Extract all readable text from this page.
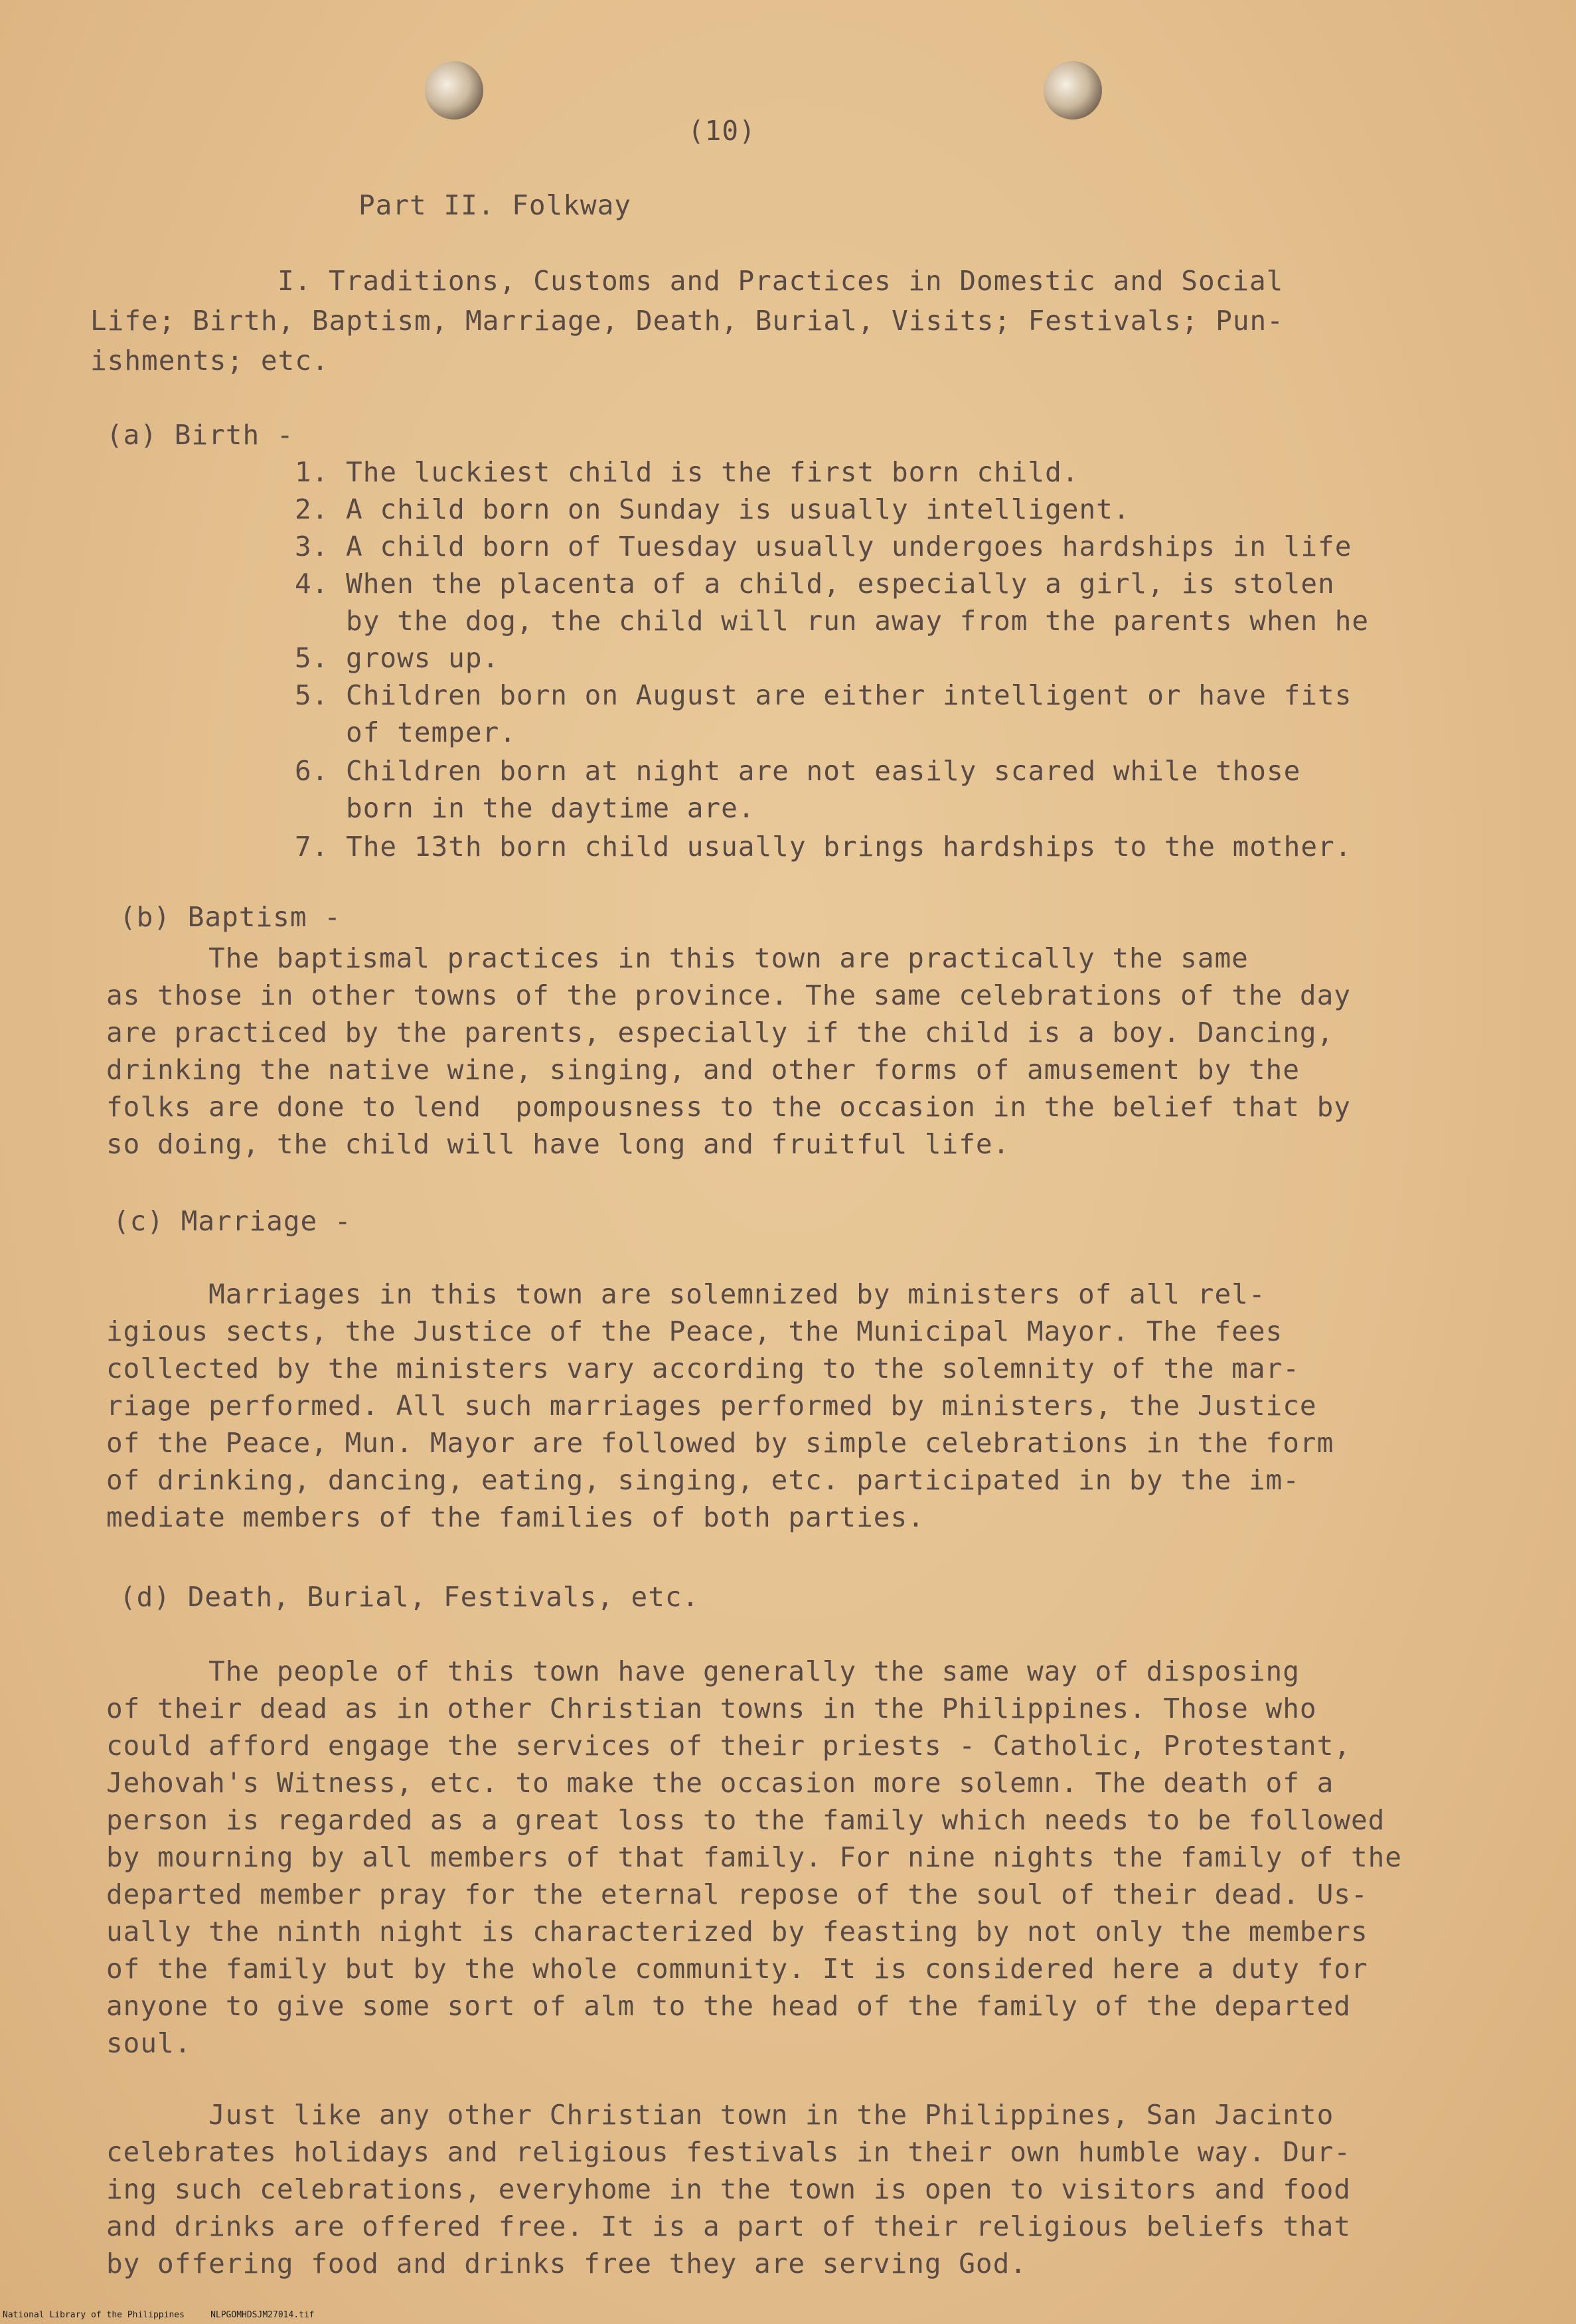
(10)
Part II. Folkway
I. Traditions, Customs and Practices in Domestic and Social
Life; Birth, Baptism, Marriage, Death, Burial, Visits; Festivals; Pun-
ishments; etc.
(a) Birth -
1. The luckiest child is the first born child.
2. A child born on Sunday is usually intelligent.
3. A child born of Tuesday usually undergoes hardships in life
4. When the placenta of a child, especially a girl, is stolen
by the dog, the child will run away from the parents when he
5. grows up.
5. Children born on August are either intelligent or have fits
of temper.
6. Children born at night are not easily scared while those
born in the daytime are.
7. The 13th born child usually brings hardships to the mother.
(b) Baptism -
The baptismal practices in this town are practically the same
as those in other towns of the province. The same celebrations of the day
are practiced by the parents, especially if the child is a boy. Dancing,
drinking the native wine, singing, and other forms of amusement by the
folks are done to lend  pompousness to the occasion in the belief that by
so doing, the child will have long and fruitful life.
(c) Marriage -
Marriages in this town are solemnized by ministers of all rel-
igious sects, the Justice of the Peace, the Municipal Mayor. The fees
collected by the ministers vary according to the solemnity of the mar-
riage performed. All such marriages performed by ministers, the Justice
of the Peace, Mun. Mayor are followed by simple celebrations in the form
of drinking, dancing, eating, singing, etc. participated in by the im-
mediate members of the families of both parties.
(d) Death, Burial, Festivals, etc.
The people of this town have generally the same way of disposing
of their dead as in other Christian towns in the Philippines. Those who
could afford engage the services of their priests - Catholic, Protestant,
Jehovah's Witness, etc. to make the occasion more solemn. The death of a
person is regarded as a great loss to the family which needs to be followed
by mourning by all members of that family. For nine nights the family of the
departed member pray for the eternal repose of the soul of their dead. Us-
ually the ninth night is characterized by feasting by not only the members
of the family but by the whole community. It is considered here a duty for
anyone to give some sort of alm to the head of the family of the departed
soul.
Just like any other Christian town in the Philippines, San Jacinto
celebrates holidays and religious festivals in their own humble way. Dur-
ing such celebrations, everyhome in the town is open to visitors and food
and drinks are offered free. It is a part of their religious beliefs that
by offering food and drinks free they are serving God.
National Library of the Philippines     NLPGOMHDSJM27014.tif
